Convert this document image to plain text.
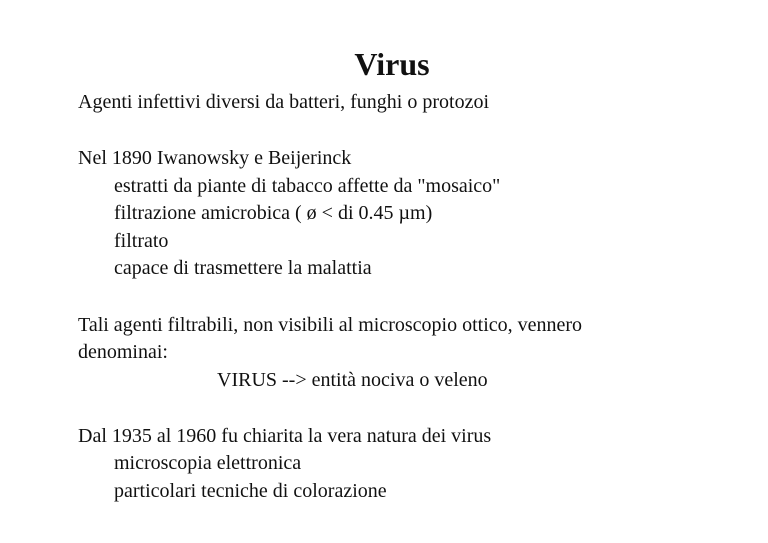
Virus
Agenti infettivi diversi da batteri, funghi o protozoi
Nel 1890 Iwanowsky e Beijerinck
estratti da piante di tabacco affette da "mosaico"
filtrazione amicrobica ( ø < di 0.45 µm)
filtrato
capace di trasmettere la malattia
Tali agenti filtrabili, non visibili al microscopio ottico, vennero
denominai:
VIRUS --> entità nociva o veleno
Dal 1935 al 1960 fu chiarita la vera natura dei virus
microscopia elettronica
particolari tecniche di colorazione
